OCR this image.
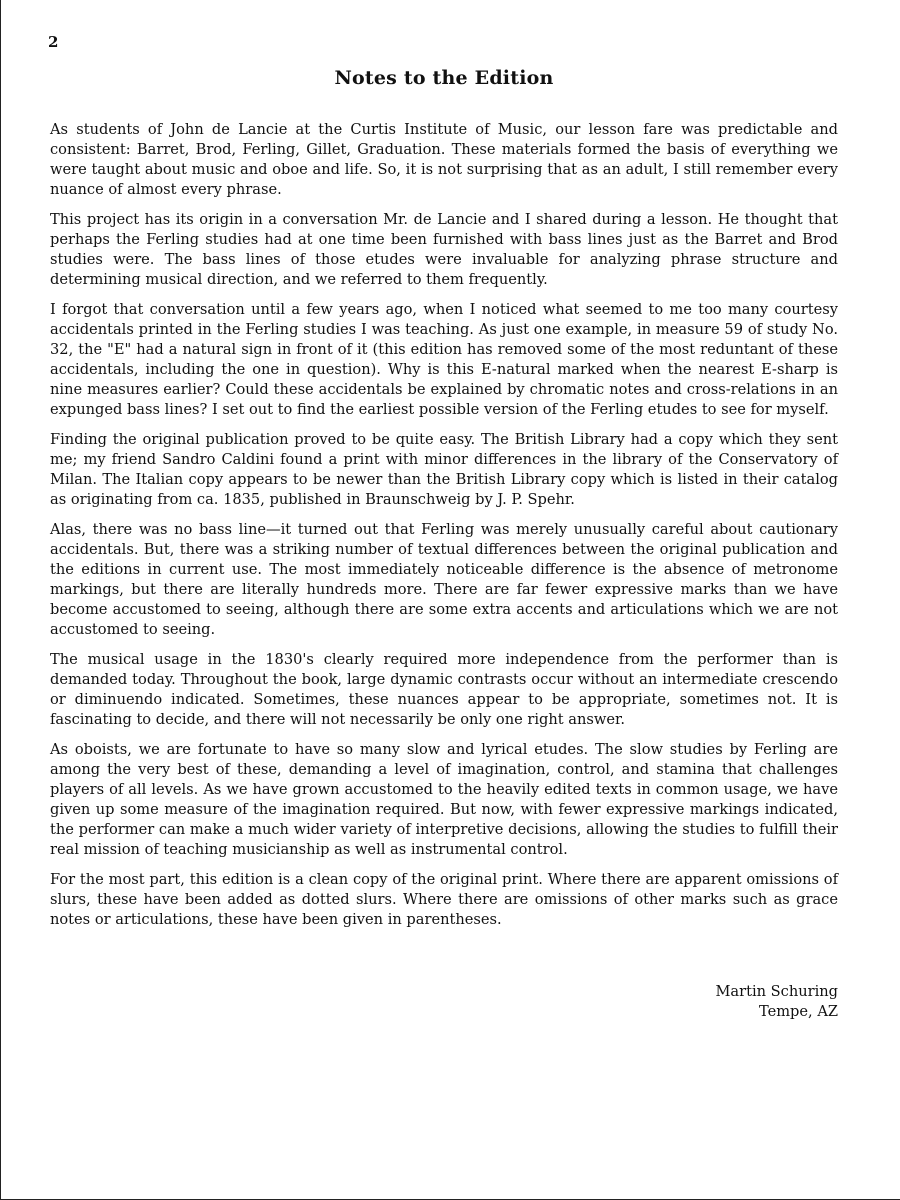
2
Notes to the Edition

As students of John de Lancie at the Curtis Institute of Music, our lesson fare was predictable and consistent: Barret, Brod, Ferling, Gillet, Graduation. These materials formed the basis of everything we were taught about music and oboe and life. So, it is not surprising that as an adult, I still remember every nuance of almost every phrase.

This project has its origin in a conversation Mr. de Lancie and I shared during a lesson. He thought that perhaps the Ferling studies had at one time been furnished with bass lines just as the Barret and Brod studies were. The bass lines of those etudes were invaluable for analyzing phrase structure and determining musical direction, and we referred to them frequently.

I forgot that conversation until a few years ago, when I noticed what seemed to me too many courtesy accidentals printed in the Ferling studies I was teaching. As just one example, in measure 59 of study No. 32, the "E" had a natural sign in front of it (this edition has removed some of the most reduntant of these accidentals, including the one in question). Why is this E-natural marked when the nearest E-sharp is nine measures earlier? Could these accidentals be explained by chromatic notes and cross-relations in an expunged bass lines? I set out to find the earliest possible version of the Ferling etudes to see for myself.

Finding the original publication proved to be quite easy. The British Library had a copy which they sent me; my friend Sandro Caldini found a print with minor differences in the library of the Conservatory of Milan. The Italian copy appears to be newer than the British Library copy which is listed in their catalog as originating from ca. 1835, published in Braunschweig by J. P. Spehr.

Alas, there was no bass line—it turned out that Ferling was merely unusually careful about cautionary accidentals. But, there was a striking number of textual differences between the original publication and the editions in current use. The most immediately noticeable difference is the absence of metronome markings, but there are literally hundreds more. There are far fewer expressive marks than we have become accustomed to seeing, although there are some extra accents and articulations which we are not accustomed to seeing.

The musical usage in the 1830's clearly required more independence from the performer than is demanded today. Throughout the book, large dynamic contrasts occur without an intermediate crescendo or diminuendo indicated. Sometimes, these nuances appear to be appropriate, sometimes not. It is fascinating to decide, and there will not necessarily be only one right answer.

As oboists, we are fortunate to have so many slow and lyrical etudes. The slow studies by Ferling are among the very best of these, demanding a level of imagination, control, and stamina that challenges players of all levels. As we have grown accustomed to the heavily edited texts in common usage, we have given up some measure of the imagination required. But now, with fewer expressive markings indicated, the performer can make a much wider variety of interpretive decisions, allowing the studies to fulfill their real mission of teaching musicianship as well as instrumental control.

For the most part, this edition is a clean copy of the original print. Where there are apparent omissions of slurs, these have been added as dotted slurs. Where there are omissions of other marks such as grace notes or articulations, these have been given in parentheses.

Martin Schuring
Tempe, AZ
